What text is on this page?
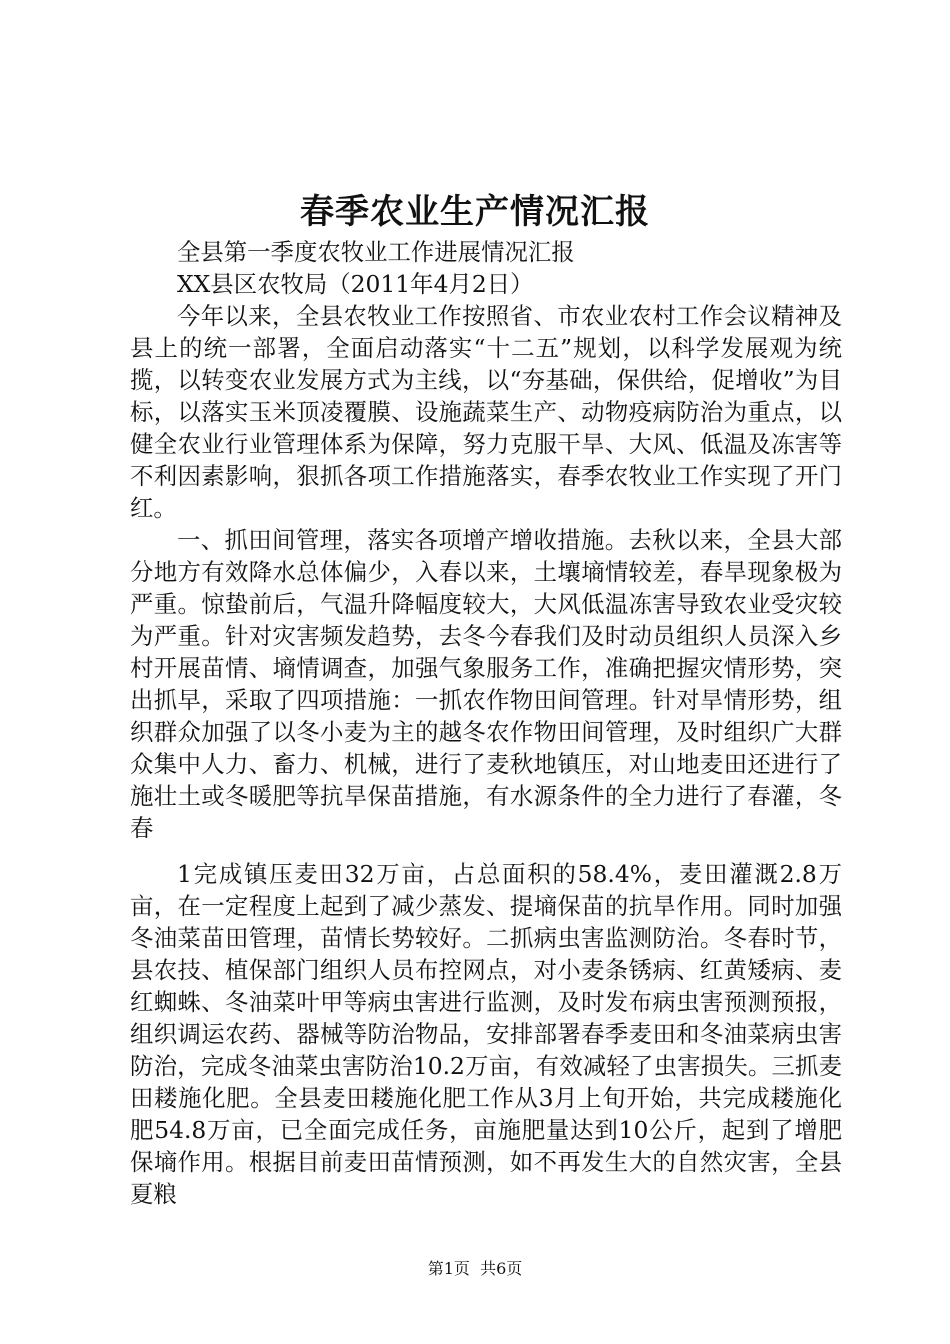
春季农业生产情况汇报

全县第一季度农牧业工作进展情况汇报

XX县区农牧局（2011年4月2日）

今年以来，全县农牧业工作按照省、市农业农村工作会议精神及县上的统一部署，全面启动落实“十二五”规划，以科学发展观为统揽，以转变农业发展方式为主线，以“夯基础，保供给，促增收”为目标，以落实玉米顶凌覆膜、设施蔬菜生产、动物疫病防治为重点，以健全农业行业管理体系为保障，努力克服干旱、大风、低温及冻害等不利因素影响，狠抓各项工作措施落实，春季农牧业工作实现了开门红。

一、抓田间管理，落实各项增产增收措施。去秋以来，全县大部分地方有效降水总体偏少，入春以来，土壤墒情较差，春旱现象极为严重。惊蛰前后，气温升降幅度较大，大风低温冻害导致农业受灾较为严重。针对灾害频发趋势，去冬今春我们及时动员组织人员深入乡村开展苗情、墒情调查，加强气象服务工作，准确把握灾情形势，突出抓早，采取了四项措施：一抓农作物田间管理。针对旱情形势，组织群众加强了以冬小麦为主的越冬农作物田间管理，及时组织广大群众集中人力、畜力、机械，进行了麦秋地镇压，对山地麦田还进行了施壮土或冬暖肥等抗旱保苗措施，有水源条件的全力进行了春灌，冬春

1完成镇压麦田32万亩，占总面积的58.4%，麦田灌溉2.8万亩，在一定程度上起到了减少蒸发、提墒保苗的抗旱作用。同时加强冬油菜苗田管理，苗情长势较好。二抓病虫害监测防治。冬春时节，县农技、植保部门组织人员布控网点，对小麦条锈病、红黄矮病、麦红蜘蛛、冬油菜叶甲等病虫害进行监测，及时发布病虫害预测预报，组织调运农药、器械等防治物品，安排部署春季麦田和冬油菜病虫害防治，完成冬油菜虫害防治10.2万亩，有效减轻了虫害损失。三抓麦田耧施化肥。全县麦田耧施化肥工作从3月上旬开始，共完成耧施化肥54.8万亩，已全面完成任务，亩施肥量达到10公斤，起到了增肥保墒作用。根据目前麦田苗情预测，如不再发生大的自然灾害，全县夏粮

第1页  共6页
